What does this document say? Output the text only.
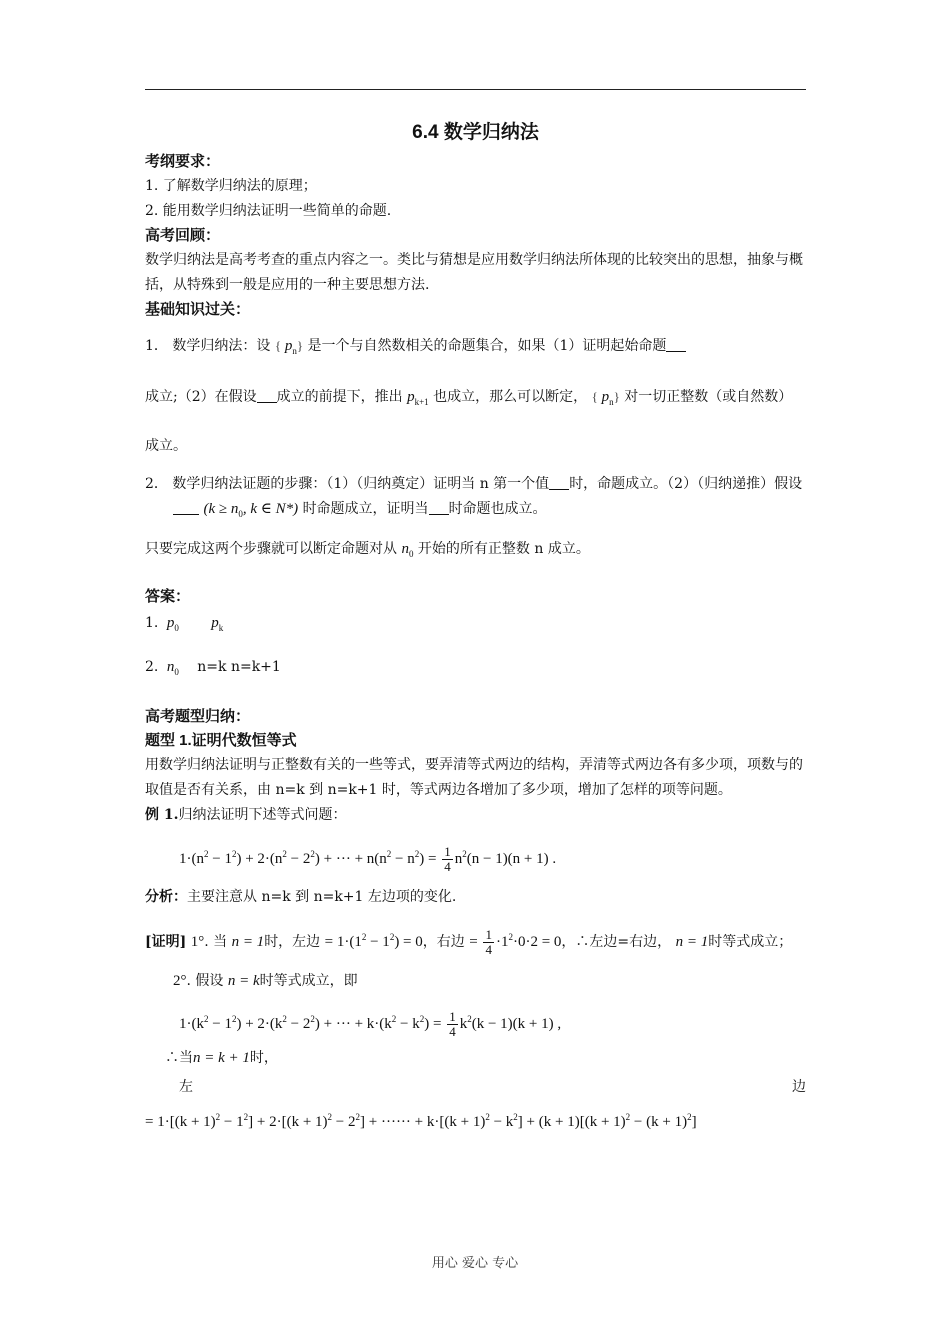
6.4 数学归纳法
考纲要求：

1. 了解数学归纳法的原理；

2. 能用数学归纳法证明一些简单的命题.

高考回顾：

数学归纳法是高考考查的重点内容之一。类比与猜想是应用数学归纳法所体现的比较突出的思想，抽象与概括，从特殊到一般是应用的一种主要思想方法.

基础知识过关：

1． 数学归纳法：设 { $p_n$} 是一个与自然数相关的命题集合，如果（1）证明起始命题

成立;（2）在假设 成立的前提下，推出 $p_{k+1}$ 也成立，那么可以断定， { $p_n$} 对一切正整数（或自然数）成立。

2． 数学归纳法证题的步骤：（1）（归纳奠定）证明当 n 第一个值 时，命题成立。（2）（归纳递推）假设 ($k \ge n_0$, k ∈ N*) 时命题成立，证明当 时命题也成立。

只要完成这两个步骤就可以断定命题对从 $n_0$ 开始的所有正整数 n 成立。

答案：

1. $p_0$ $p_k$

2. $n_0$ n=k n=k+1

高考题型归纳：
题型 1.证明代数恒等式

用数学归纳法证明与正整数有关的一些等式，要弄清等式两边的结构，弄清等式两边各有多少项，项数与的取值是否有关系，由 n=k 到 n=k+1 时，等式两边各增加了多少项，增加了怎样的项等问题。

例 1.归纳法证明下述等式问题：

$1\cdot(n^2 - 1^2) + 2\cdot(n^2 - 2^2)$ + ··· + $n(n^2 - n^2) = \frac{1}{4} n^2(n - 1)(n + 1)$ .

分析：主要注意从 n=k 到 n=k+1 左边项的变化.

[证明] 1°. 当 n = 1时，左边 = $1\cdot(1^2 - 1^2) = 0$，右边 = $\frac{1}{4} \cdot 1^2\cdot 0\cdot 2 = 0$，∴左边=右边， n = 1时等式成立；

2°. 假设 n = k时等式成立，即

$1\cdot(k^2 - 1^2) + 2\cdot(k^2 - 2^2)$ + ··· + $k\cdot(k^2 - k^2) = \frac{1}{4} k^2(k - 1)(k + 1)$ ,

∴当n = k + 1时，

左	边

= $1\cdot[(k + 1)^2 - 1^2] + 2\cdot[(k + 1)^2 - 2^2]$ + ······ + $k\cdot[(k + 1)^2 - k^2] + (k + 1)[(k + 1)^2 - (k + 1)^2]$

用心 爱心 专心
